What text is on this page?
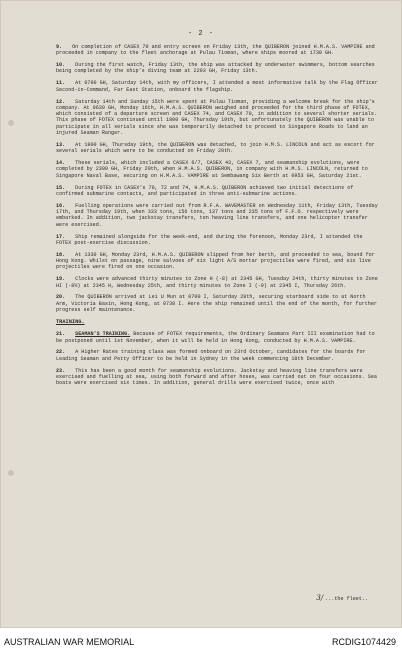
- 2 -
9. On completion of CASEX 70 and entry screen on Friday 13th, the QUIBERON joined H.M.A.S. VAMPIRE and proceeded in company to the fleet anchorage at Pulau Tioman, where ships moored at 1730 GH.
10. During the first watch, Friday 13th, the ship was attacked by underwater swimmers, bottom searches being completed by the ship's diving team at 2203 GH, Friday 13th.
11. At 0700 GH, Saturday 14th, with my officers, I attended a most informative talk by the Flag Officer Second-in-Command, Far East Station, onboard the flagship.
12. Saturday 14th and Sunday 15th were spent at Pulau Tioman, providing a welcome break for the ship's company. At 0630 GH, Monday 16th, H.M.A.S. QUIBERON weighed and proceeded for the third phase of FOTEX, which consisted of a departure screen and CASEX 74, and CASEX 70, in addition to several shorter serials. This phase of FOTEX continued until 1800 GH, Thursday 19th, but unfortunately the QUIBERON was unable to participate in all serials since she was temporarily detached to proceed to Singapore Roads to land an injured Seaman Ranger.
13. At 1800 GH, Thursday 19th, the QUIBERON was detached, to join H.M.S. LINCOLN and act as escort for several serials which were to be conducted on Friday 20th.
14. These serials, which included a CASEX 6/7, CASEX 43, CASEX 7, and seamanship evolutions, were completed by 2300 GH, Friday 20th, when H.M.A.S. QUIBERON, in company with H.M.S. LINCOLN, returned to Singapore Naval Base, securing on H.M.A.S. VAMPIRE at Sembawang Six Berth at 0953 GH, Saturday 21st.
15. During FOTEX in CASEX's 70, 72 and 74, H.M.A.S. QUIBERON achieved two initial detections of confirmed submarine contacts, and participated in three anti-submarine actions.
16. Fuelling operations were carried out from R.F.A. WAVEMASTER on Wednesday 11th, Friday 13th, Tuesday 17th, and Thursday 19th, when 333 tons, 156 tons, 137 tons and 235 tons of F.F.O. respectively were embarked. In addition, two jackstay transfers, ten heaving line transfers, and one helicopter transfer were exercised.
17. Ship remained alongside for the week-end, and during the forenoon, Monday 23rd, I attended the FOTEX post-exercise discussion.
18. At 1330 GH, Monday 23rd, H.M.A.S. QUIBERON slipped from her berth, and proceeded to sea, bound for Hong Kong. Whilst on passage, nine salvoes of six light A/S mortar projectiles were fired, and six live projectiles were fired on one occasion.
19. Clocks were advanced thirty minutes to Zone H (-8) at 2345 GH, Tuesday 24th, thirty minutes to Zone HI (-8½) at 2345 H, Wednesday 25th, and thirty minutes to Zone I (-9) at 2345 I, Thursday 26th.
20. The QUIBERON arrived at Lei U Mun at 0700 I, Saturday 28th, securing starboard side to at North Arm, Victoria Basin, Hong Kong, at 0738 I. Here the ship remained until the end of the month, for further progress self maintenance.
TRAINING.
21. SEAMAN'S TRAINING. Because of FOTEX requirements, the Ordinary Seamans Part III examination had to be postponed until 1st November, when it will be held in Hong Kong, conducted by H.M.A.S. VAMPIRE.
22. A Higher Rates training class was formed onboard on 23rd October, candidates for the boards for Leading Seaman and Petty Officer to be held in Sydney in the week commencing 18th December.
23. This has been a good month for seamanship evolutions. Jackstay and heaving line transfers were exercised and fuelling at sea, using both forward and after hoses, was carried out on four occasions. Sea boats were exercised six times. In addition, general drills were exercised twice, once with
3/ ...the fleet..
AUSTRALIAN WAR MEMORIAL	RCDIG1074429
